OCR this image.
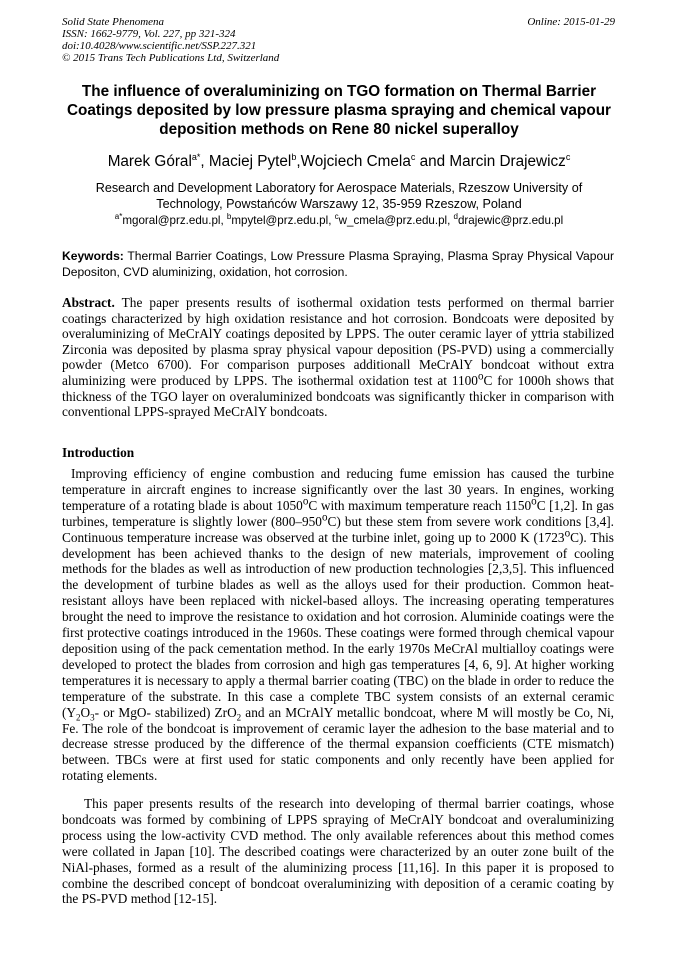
Solid State Phenomena
ISSN: 1662-9779, Vol. 227, pp 321-324
doi:10.4028/www.scientific.net/SSP.227.321
© 2015 Trans Tech Publications Ltd, Switzerland
Online: 2015-01-29
The influence of overaluminizing on TGO formation on Thermal Barrier Coatings deposited by low pressure plasma spraying and chemical vapour deposition methods on Rene 80 nickel superalloy
Marek Góral$^{a*}$, Maciej Pytel$^b$,Wojciech Cmela$^c$ and Marcin Drajewicz$^c$
Research and Development Laboratory for Aerospace Materials, Rzeszow University of Technology, Powstańców Warszawy 12, 35-959 Rzeszow, Poland
$^{a*}$mgoral@prz.edu.pl, $^b$mpytel@prz.edu.pl, $^c$w_cmela@prz.edu.pl, $^d$drajewic@prz.edu.pl
Keywords: Thermal Barrier Coatings, Low Pressure Plasma Spraying, Plasma Spray Physical Vapour Depositon, CVD aluminizing, oxidation, hot corrosion.
Abstract. The paper presents results of isothermal oxidation tests performed on thermal barrier coatings characterized by high oxidation resistance and hot corrosion. Bondcoats were deposited by overaluminizing of MeCrAlY coatings deposited by LPPS. The outer ceramic layer of yttria stabilized Zirconia was deposited by plasma spray physical vapour deposition (PS-PVD) using a commercially powder (Metco 6700). For comparison purposes additionall MeCrAlY bondcoat without extra aluminizing were produced by LPPS. The isothermal oxidation test at 1100$^o$C for 1000h shows that thickness of the TGO layer on overaluminized bondcoats was significantly thicker in comparison with conventional LPPS-sprayed MeCrAlY bondcoats.
Introduction

Improving efficiency of engine combustion and reducing fume emission has caused the turbine temperature in aircraft engines to increase significantly over the last 30 years. In engines, working temperature of a rotating blade is about 1050$^o$C with maximum temperature reach 1150$^o$C [1,2]. In gas turbines, temperature is slightly lower (800–950$^o$C) but these stem from severe work conditions [3,4]. Continuous temperature increase was observed at the turbine inlet, going up to 2000 K (1723$^o$C). This development has been achieved thanks to the design of new materials, improvement of cooling methods for the blades as well as introduction of new production technologies [2,3,5]. This influenced the development of turbine blades as well as the alloys used for their production. Common heat-resistant alloys have been replaced with nickel-based alloys. The increasing operating temperatures brought the need to improve the resistance to oxidation and hot corrosion. Aluminide coatings were the first protective coatings introduced in the 1960s. These coatings were formed through chemical vapour deposition using of the pack cementation method. In the early 1970s MeCrAl multialloy coatings were developed to protect the blades from corrosion and high gas temperatures [4, 6, 9]. At higher working temperatures it is necessary to apply a thermal barrier coating (TBC) on the blade in order to reduce the temperature of the substrate. In this case a complete TBC system consists of an external ceramic ($Y_2O_3-$ or MgO- stabilized) ZrO$_2$ and an MCrAlY metallic bondcoat, where M will mostly be Co, Ni, Fe. The role of the bondcoat is improvement of ceramic layer the adhesion to the base material and to decrease stresse produced by the difference of the thermal expansion coefficients (CTE mismatch) between. TBCs were at first used for static components and only recently have been applied for rotating elements.

This paper presents results of the research into developing of thermal barrier coatings, whose bondcoats was formed by combining of LPPS spraying of MeCrAlY bondcoat and overaluminizing process using the low-activity CVD method. The only available references about this method comes were collated in Japan [10]. The described coatings were characterized by an outer zone built of the NiAl-phases, formed as a result of the aluminizing process [11,16]. In this paper it is proposed to combine the described concept of bondcoat overaluminizing with deposition of a ceramic coating by the PS-PVD method [12-15].
